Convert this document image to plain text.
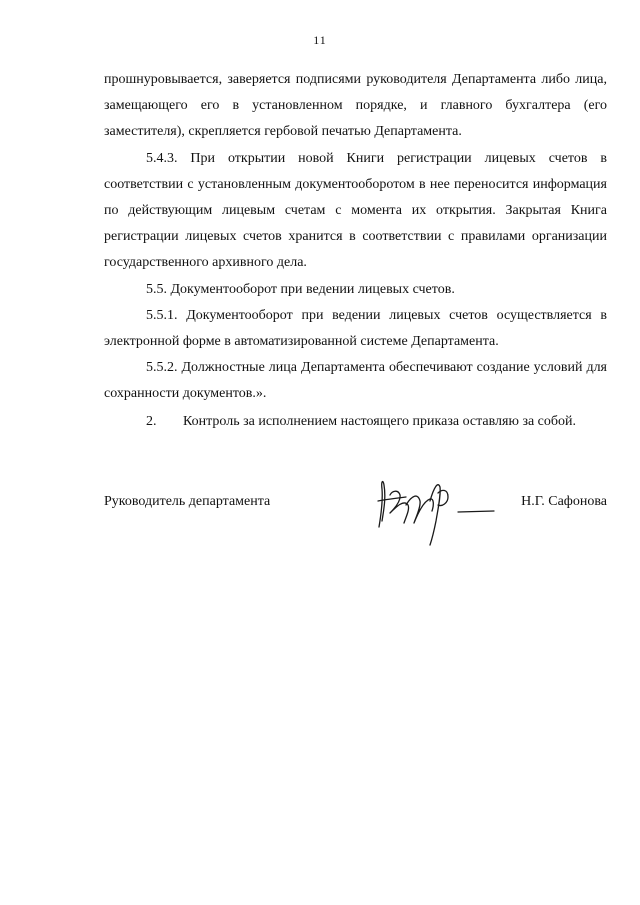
11

прошнуровывается, заверяется подписями руководителя Департамента либо лица, замещающего его в установленном порядке, и главного бухгалтера (его заместителя), скрепляется гербовой печатью Департамента.

5.4.3. При открытии новой Книги регистрации лицевых счетов в соответствии с установленным документооборотом в нее переносится информация по действующим лицевым счетам с момента их открытия. Закрытая Книга регистрации лицевых счетов хранится в соответствии с правилами организации государственного архивного дела.

5.5. Документооборот при ведении лицевых счетов.

5.5.1. Документооборот при ведении лицевых счетов осуществляется в электронной форме в автоматизированной системе Департамента.

5.5.2. Должностные лица Департамента обеспечивают создание условий для сохранности документов.».

2. Контроль за исполнением настоящего приказа оставляю за собой.
Руководитель департамента	Н.Г. Сафонова
